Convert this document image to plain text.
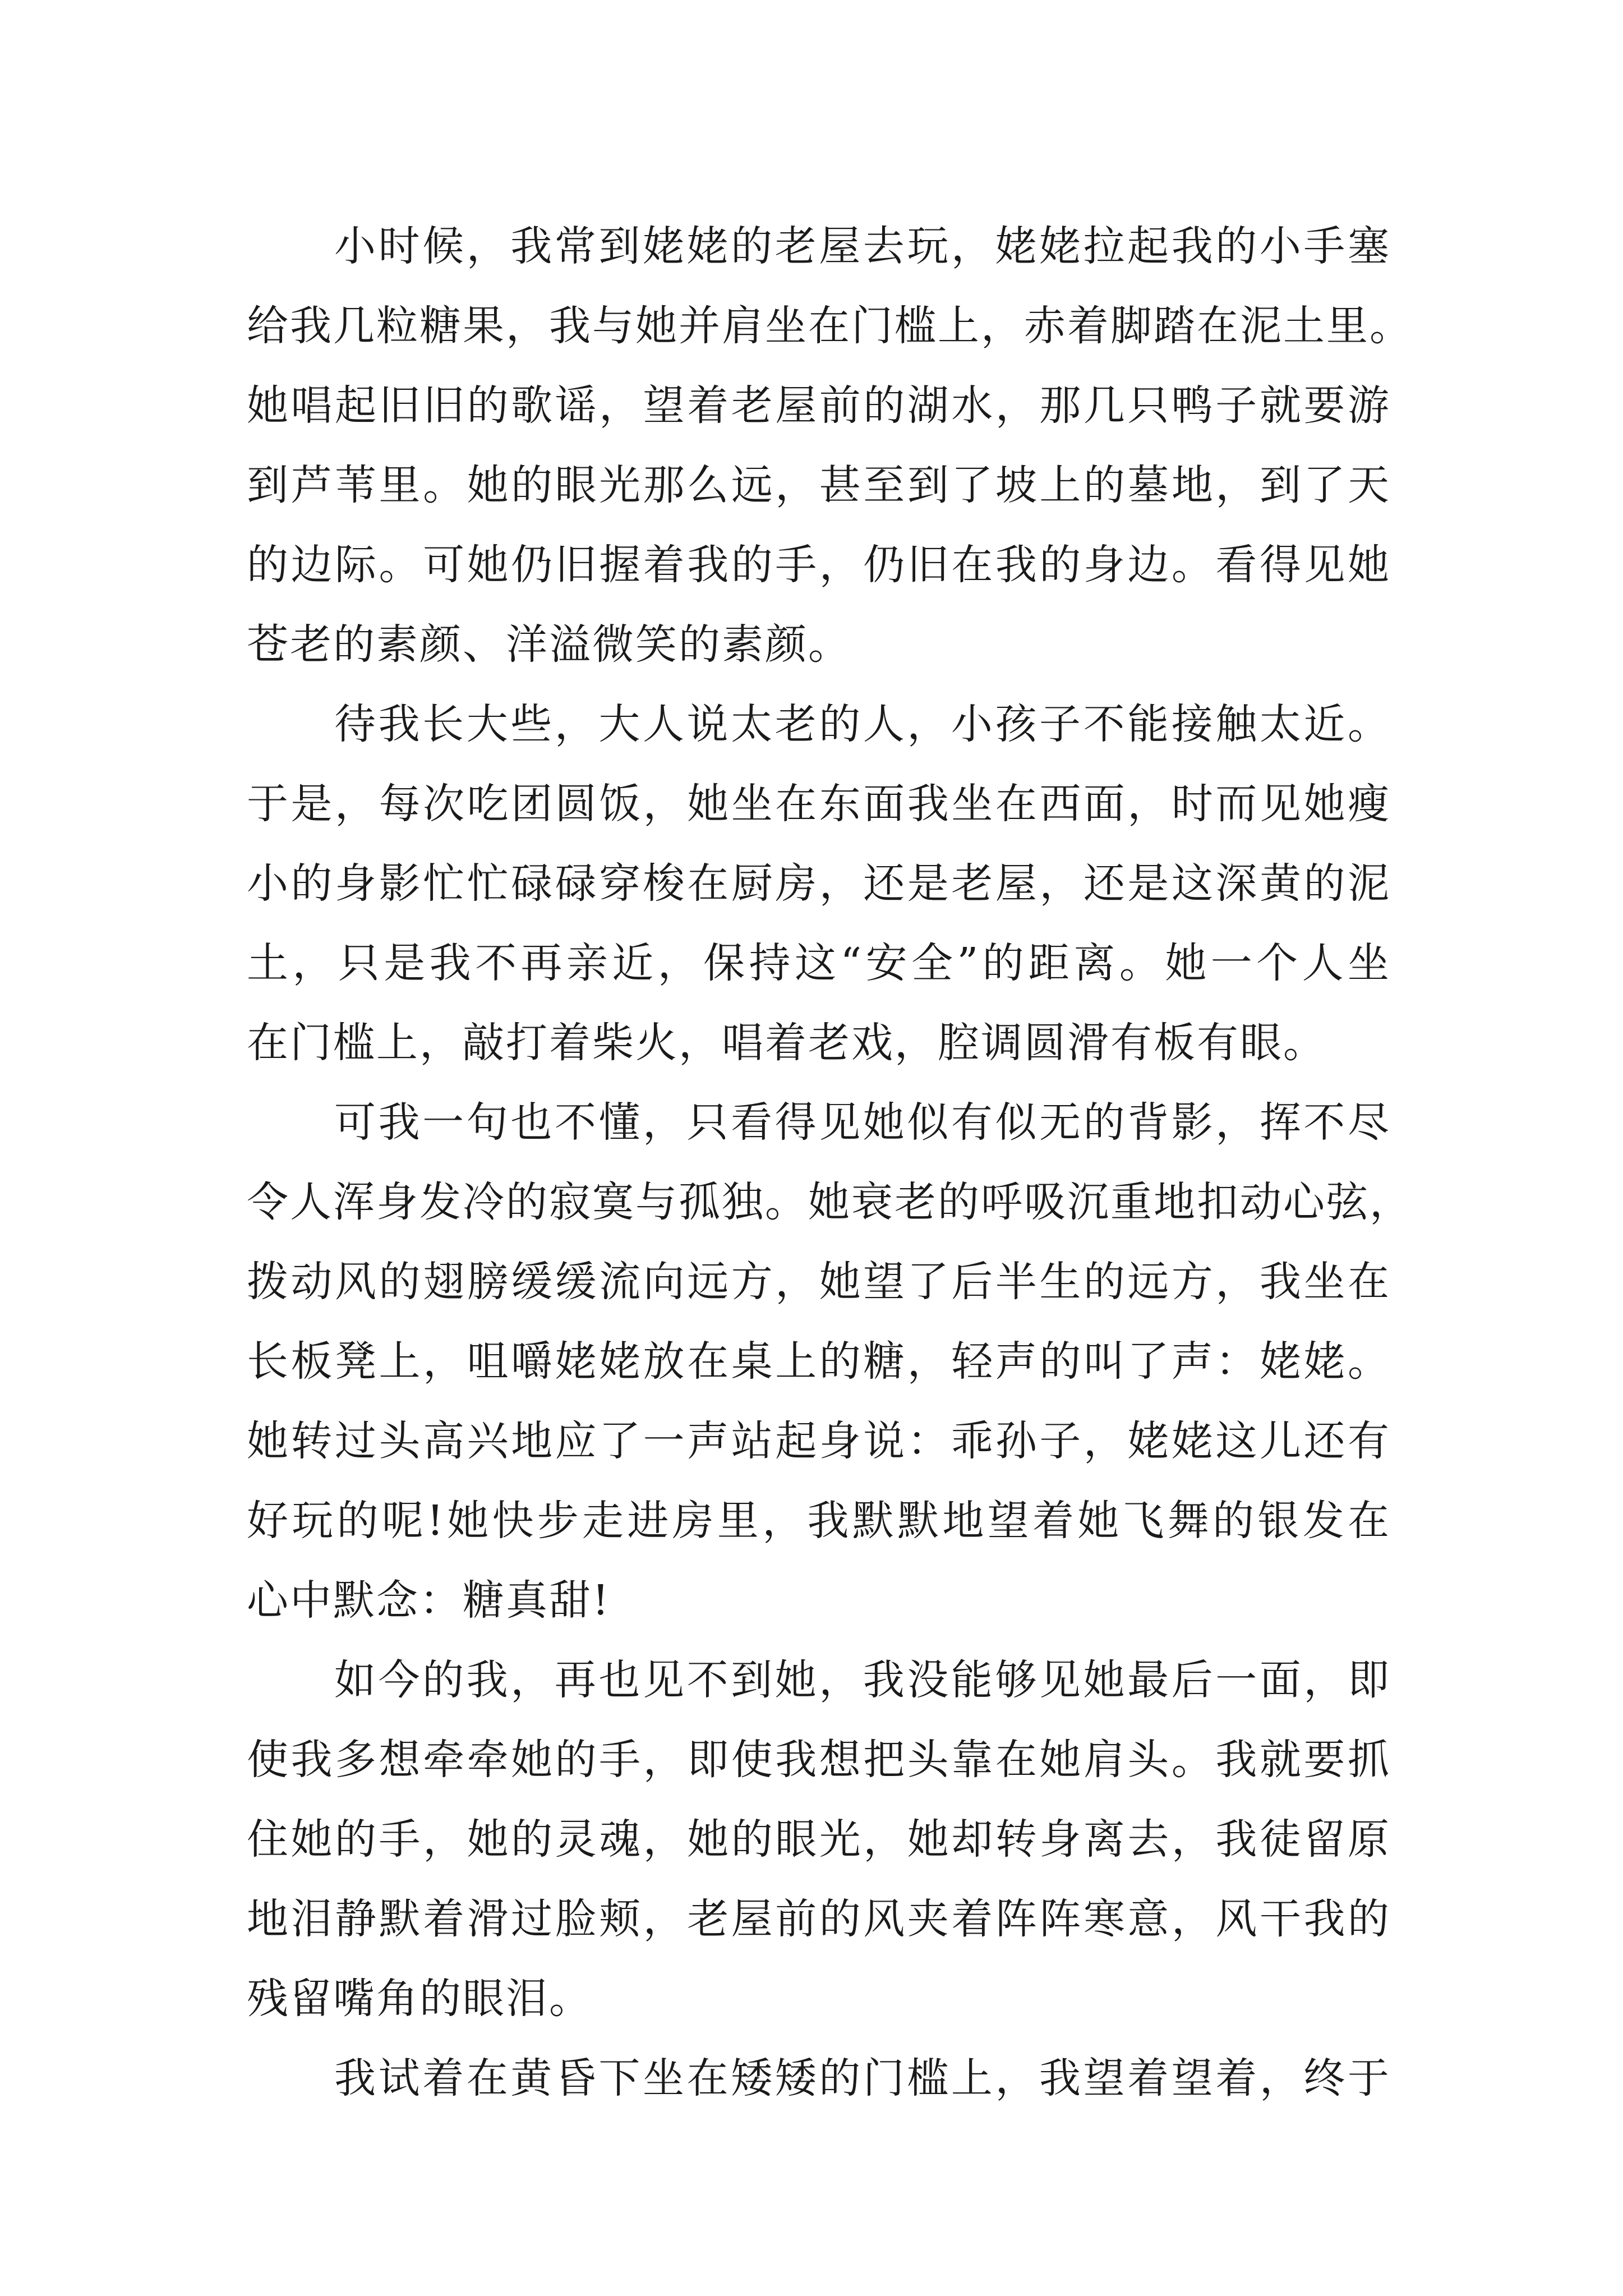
小时候，我常到姥姥的老屋去玩，姥姥拉起我的小手塞
给我几粒糖果，我与她并肩坐在门槛上，赤着脚踏在泥土里。
她唱起旧旧的歌谣，望着老屋前的湖水，那几只鸭子就要游
到芦苇里。她的眼光那么远，甚至到了坡上的墓地，到了天
的边际。可她仍旧握着我的手，仍旧在我的身边。看得见她
苍老的素颜、洋溢微笑的素颜。
待我长大些，大人说太老的人，小孩子不能接触太近。
于是，每次吃团圆饭，她坐在东面我坐在西面，时而见她瘦
小的身影忙忙碌碌穿梭在厨房，还是老屋，还是这深黄的泥
土，只是我不再亲近，保持这“安全”的距离。她一个人坐
在门槛上，敲打着柴火，唱着老戏，腔调圆滑有板有眼。
可我一句也不懂，只看得见她似有似无的背影，挥不尽
令人浑身发冷的寂寞与孤独。她衰老的呼吸沉重地扣动心弦，
拨动风的翅膀缓缓流向远方，她望了后半生的远方，我坐在
长板凳上，咀嚼姥姥放在桌上的糖，轻声的叫了声：姥姥。
她转过头高兴地应了一声站起身说：乖孙子，姥姥这儿还有
好玩的呢!她快步走进房里，我默默地望着她飞舞的银发在
心中默念：糖真甜!
如今的我，再也见不到她，我没能够见她最后一面，即
使我多想牵牵她的手，即使我想把头靠在她肩头。我就要抓
住她的手，她的灵魂，她的眼光，她却转身离去，我徒留原
地泪静默着滑过脸颊，老屋前的风夹着阵阵寒意，风干我的
残留嘴角的眼泪。
我试着在黄昏下坐在矮矮的门槛上，我望着望着，终于
